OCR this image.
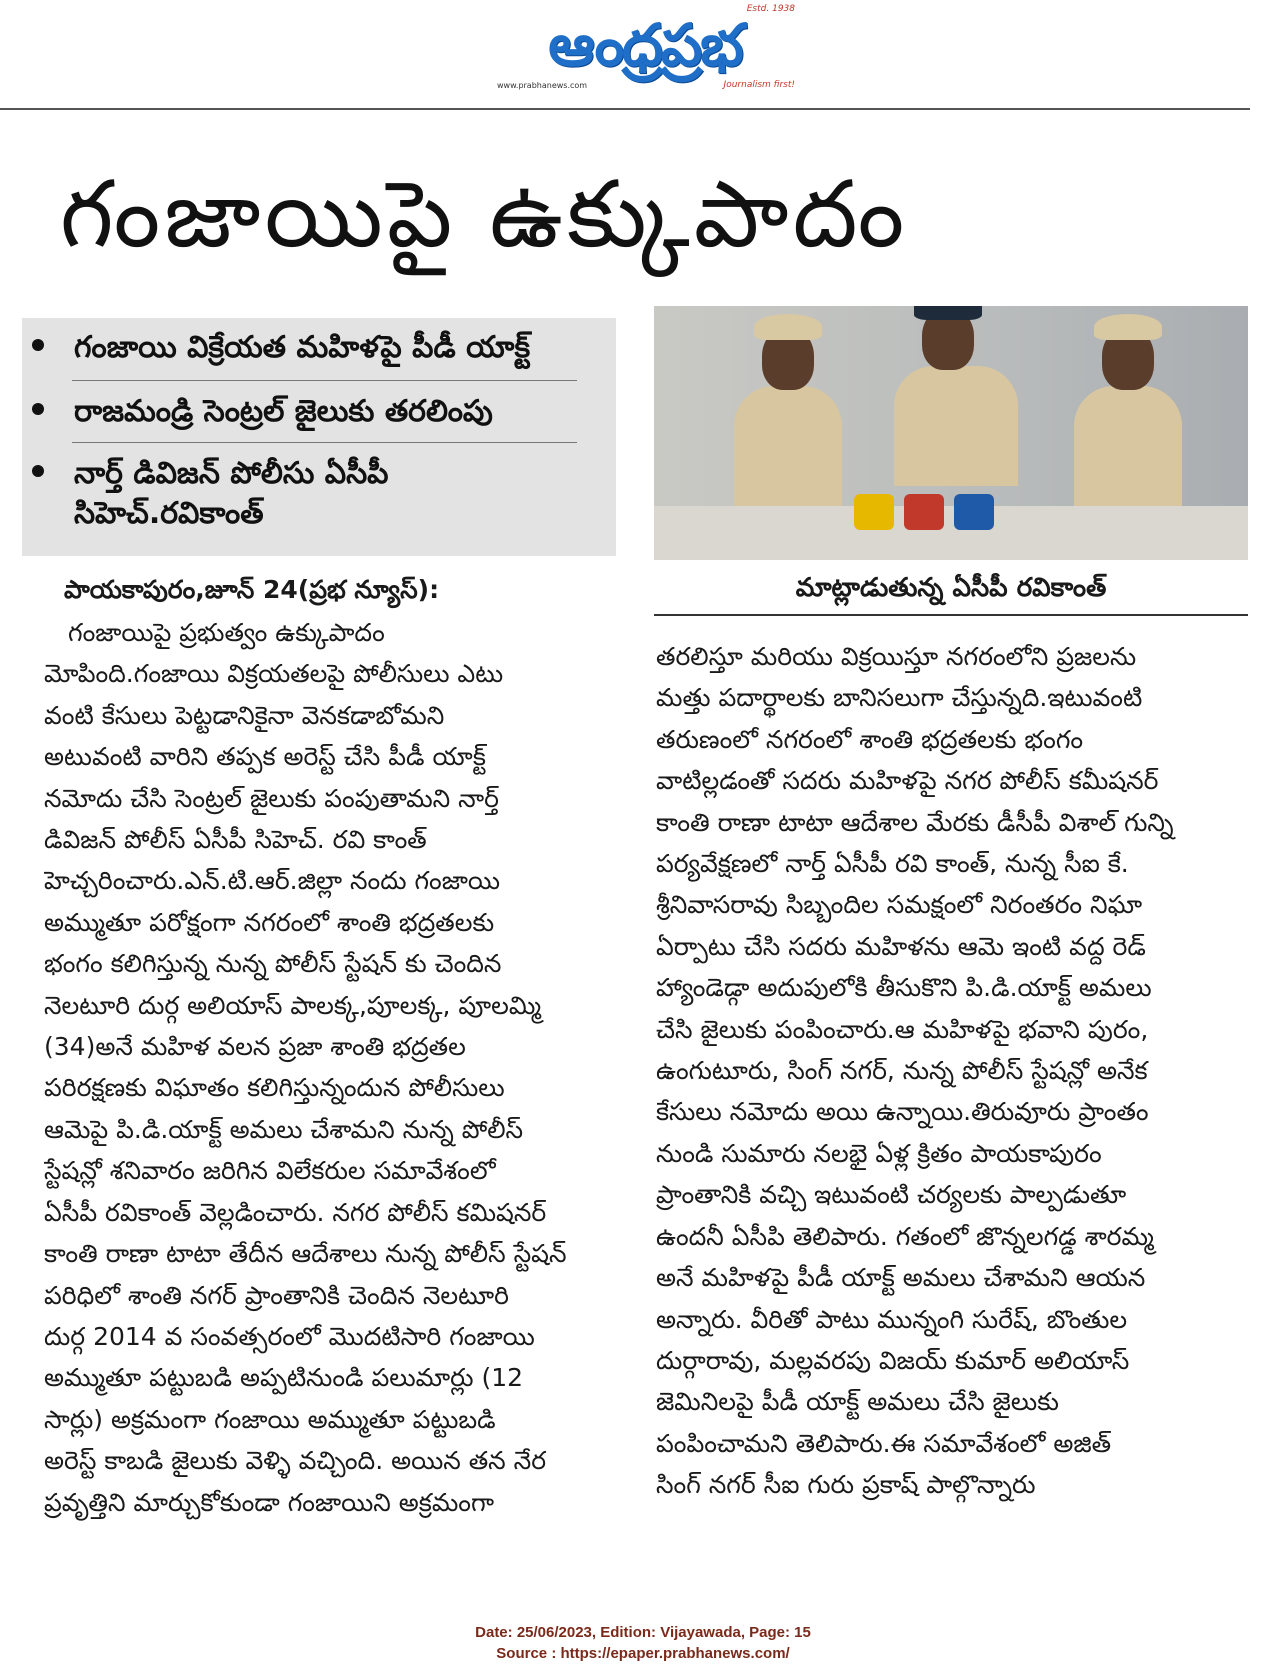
Estd. 1938
ఆంధ్రప్రభ
www.prabhanews.com	Journalism first!
గంజాయిపై ఉక్కుపాదం
గంజాయి విక్రేయత మహిళపై పీడీ యాక్ట్
రాజమండ్రి సెంట్రల్ జైలుకు తరలింపు
నార్త్ డివిజన్ పోలీసు ఏసీపీ
సిహెచ్.రవికాంత్
మాట్లాడుతున్న ఏసీపీ రవికాంత్
పాయకాపురం,జూన్ 24(ప్రభ న్యూస్):
గంజాయిపై ప్రభుత్వం ఉక్కుపాదం
మోపింది.గంజాయి విక్రయతలపై పోలీసులు ఎటు
వంటి కేసులు పెట్టడానికైనా వెనకడాబోమని
అటువంటి వారిని తప్పక అరెస్ట్ చేసి పీడీ యాక్ట్
నమోదు చేసి సెంట్రల్ జైలుకు పంపుతామని నార్త్
డివిజన్ పోలీస్ ఏసీపీ సిహెచ్. రవి కాంత్
హెచ్చరించారు.ఎన్.టి.ఆర్.జిల్లా నందు గంజాయి
అమ్ముతూ పరోక్షంగా నగరంలో శాంతి భద్రతలకు
భంగం కలిగిస్తున్న నున్న పోలీస్ స్టేషన్ కు చెందిన
నెలటూరి దుర్గ అలియాస్ పాలక్క,పూలక్క, పూలమ్మి
(34)అనే మహిళ వలన ప్రజా శాంతి భద్రతల
పరిరక్షణకు విఘాతం కలిగిస్తున్నందున పోలీసులు
ఆమెపై పి.డి.యాక్ట్ అమలు చేశామని నున్న పోలీస్
స్టేషన్లో శనివారం జరిగిన విలేకరుల సమావేశంలో
ఏసీపీ రవికాంత్ వెల్లడించారు. నగర పోలీస్ కమిషనర్
కాంతి రాణా టాటా తేదీన ఆదేశాలు నున్న పోలీస్ స్టేషన్
పరిధిలో శాంతి నగర్ ప్రాంతానికి చెందిన నెలటూరి
దుర్గ 2014 వ సంవత్సరంలో మొదటిసారి గంజాయి
అమ్ముతూ పట్టుబడి అప్పటినుండి పలుమార్లు (12
సార్లు) అక్రమంగా గంజాయి అమ్ముతూ పట్టుబడి
అరెస్ట్ కాబడి జైలుకు వెళ్ళి వచ్చింది. అయిన తన నేర
ప్రవృత్తిని మార్చుకోకుండా గంజాయిని అక్రమంగా
తరలిస్తూ మరియు విక్రయిస్తూ నగరంలోని ప్రజలను
మత్తు పదార్థాలకు బానిసలుగా చేస్తున్నది.ఇటువంటి
తరుణంలో నగరంలో శాంతి భద్రతలకు భంగం
వాటిల్లడంతో సదరు మహిళపై నగర పోలీస్ కమీషనర్
కాంతి రాణా టాటా ఆదేశాల మేరకు డీసీపీ విశాల్ గున్ని
పర్యవేక్షణలో నార్త్ ఏసీపీ రవి కాంత్, నున్న సీఐ కే.
శ్రీనివాసరావు సిబ్బందిల సమక్షంలో నిరంతరం నిఘా
ఏర్పాటు చేసి సదరు మహిళను ఆమె ఇంటి వద్ద రెడ్
హ్యాండెడ్గా అదుపులోకి తీసుకొని పి.డి.యాక్ట్ అమలు
చేసి జైలుకు పంపించారు.ఆ మహిళపై భవాని పురం,
ఉంగుటూరు, సింగ్ నగర్, నున్న పోలీస్ స్టేషన్లో అనేక
కేసులు నమోదు అయి ఉన్నాయి.తిరువూరు ప్రాంతం
నుండి సుమారు నలభై ఏళ్ల క్రితం పాయకాపురం
ప్రాంతానికి వచ్చి ఇటువంటి చర్యలకు పాల్పడుతూ
ఉందనీ ఏసీపి తెలిపారు. గతంలో జొన్నలగడ్డ శారమ్మ
అనే మహిళపై పీడీ యాక్ట్ అమలు చేశామని ఆయన
అన్నారు. వీరితో పాటు మున్నంగి సురేష్, బొంతుల
దుర్గారావు, మల్లవరపు విజయ్ కుమార్ అలియాస్
జెమినిలపై పీడీ యాక్ట్ అమలు చేసి జైలుకు
పంపించామని తెలిపారు.ఈ సమావేశంలో అజిత్
సింగ్ నగర్ సీఐ గురు ప్రకాష్ పాల్గొన్నారు
Date: 25/06/2023, Edition: Vijayawada, Page: 15
Source : https://epaper.prabhanews.com/
